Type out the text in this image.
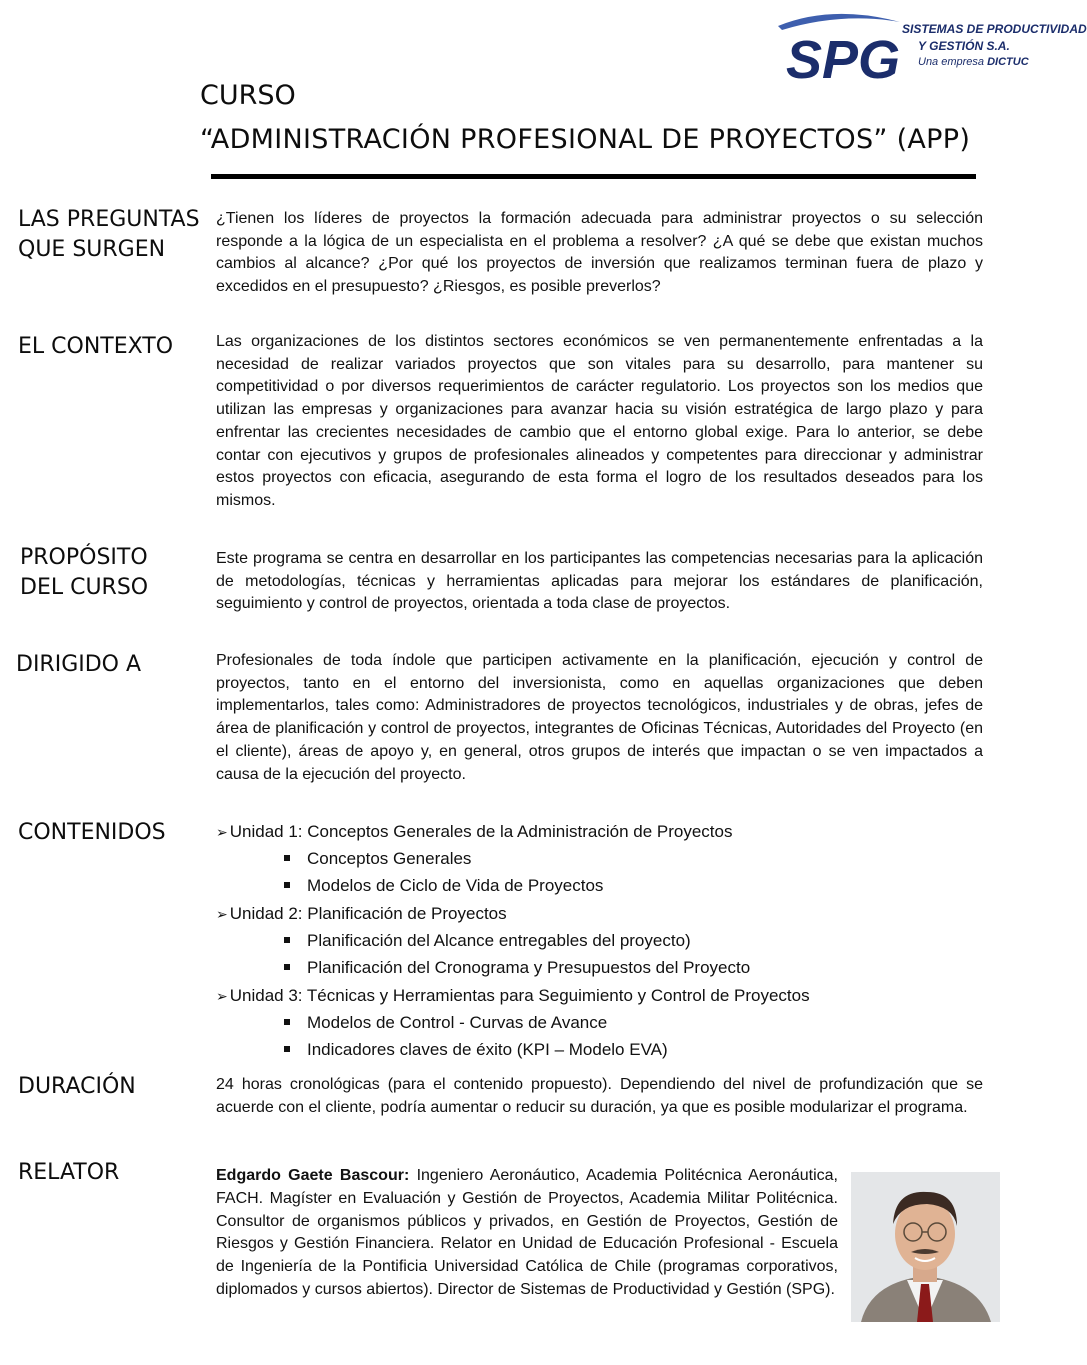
SPG
SISTEMAS DE PRODUCTIVIDAD
Y GESTIÓN S.A.
Una empresa DICTUC
CURSO
“ADMINISTRACIÓN PROFESIONAL DE PROYECTOS” (APP)
LAS PREGUNTAS
QUE SURGEN
¿Tienen los líderes de proyectos la formación adecuada para administrar proyectos o su selección responde a la lógica de un especialista en el problema a resolver? ¿A qué se debe que existan muchos cambios al alcance? ¿Por qué los proyectos de inversión que realizamos terminan fuera de plazo y excedidos en el presupuesto? ¿Riesgos, es posible preverlos?
EL CONTEXTO	Las organizaciones de los distintos sectores económicos se ven permanentemente enfrentadas a la necesidad de realizar variados proyectos que son vitales para su desarrollo, para mantener su competitividad o por diversos requerimientos de carácter regulatorio. Los proyectos son los medios que utilizan las empresas y organizaciones para avanzar hacia su visión estratégica de largo plazo y para enfrentar las crecientes necesidades de cambio que el entorno global exige. Para lo anterior, se debe contar con ejecutivos y grupos de profesionales alineados y competentes para direccionar y administrar estos proyectos con eficacia, asegurando de esta forma el logro de los resultados deseados para los mismos.
PROPÓSITO
DEL CURSO
Este programa se centra en desarrollar en los participantes las competencias necesarias para la aplicación de metodologías, técnicas y herramientas aplicadas para mejorar los estándares de planificación, seguimiento y control de proyectos, orientada a toda clase de proyectos.
DIRIGIDO A	Profesionales de toda índole que participen activamente en la planificación, ejecución y control de proyectos, tanto en el entorno del inversionista, como en aquellas organizaciones que deben implementarlos, tales como: Administradores de proyectos tecnológicos, industriales y de obras, jefes de área de planificación y control de proyectos, integrantes de Oficinas Técnicas, Autoridades del Proyecto (en el cliente), áreas de apoyo y, en general, otros grupos de interés que impactan o se ven impactados a causa de la ejecución del proyecto.
CONTENIDOS	➢ Unidad 1: Conceptos Generales de la Administración de Proyectos
Conceptos Generales
Modelos de Ciclo de Vida de Proyectos
➢ Unidad 2: Planificación de Proyectos
Planificación del Alcance entregables del proyecto)
Planificación del Cronograma y Presupuestos del Proyecto
➢ Unidad 3: Técnicas y Herramientas para Seguimiento y Control de Proyectos
Modelos de Control - Curvas de Avance
Indicadores claves de éxito (KPI – Modelo EVA)
DURACIÓN	24 horas cronológicas (para el contenido propuesto). Dependiendo del nivel de profundización que se acuerde con el cliente, podría aumentar o reducir su duración, ya que es posible modularizar el programa.
RELATOR	Edgardo Gaete Bascour: Ingeniero Aeronáutico, Academia Politécnica Aeronáutica, FACH. Magíster en Evaluación y Gestión de Proyectos, Academia Militar Politécnica. Consultor de organismos públicos y privados, en Gestión de Proyectos, Gestión de Riesgos y Gestión Financiera. Relator en Unidad de Educación Profesional - Escuela de Ingeniería de la Pontificia Universidad Católica de Chile (programas corporativos, diplomados y cursos abiertos). Director de Sistemas de Productividad y Gestión (SPG).
